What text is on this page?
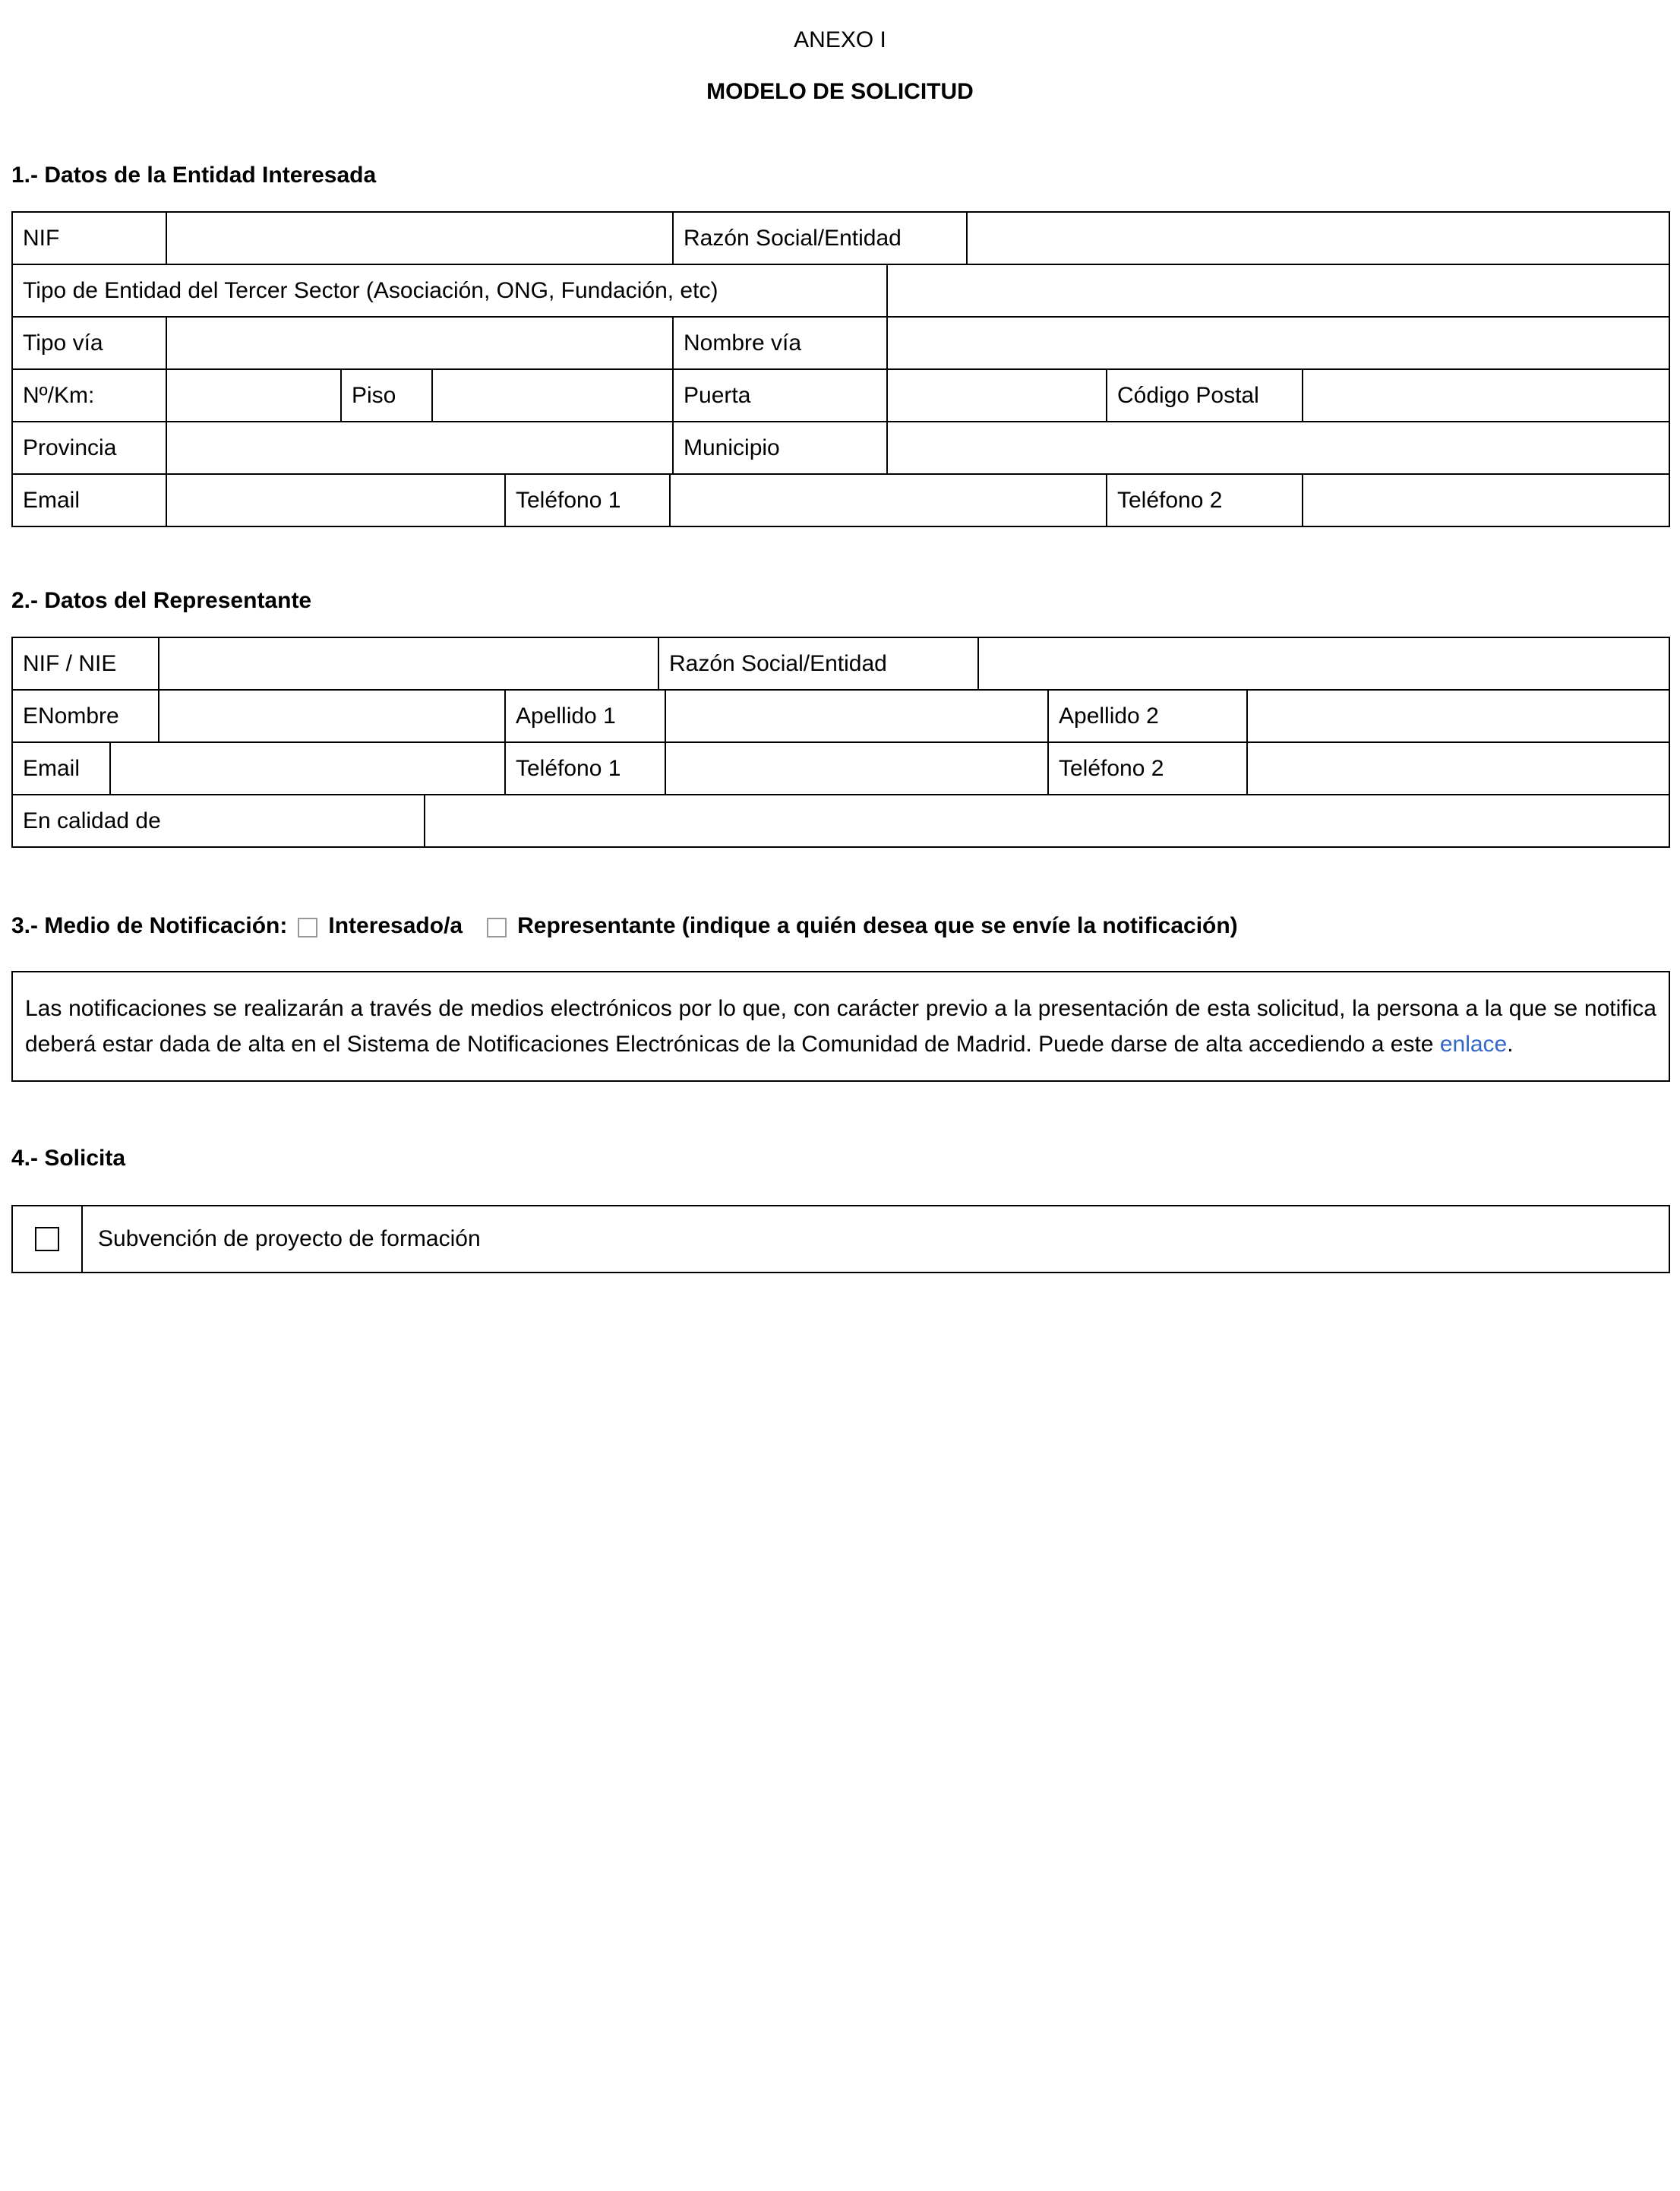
ANEXO I
MODELO DE SOLICITUD
1.- Datos de la Entidad Interesada
NIF	Razón Social/Entidad
Tipo de Entidad del Tercer Sector (Asociación, ONG, Fundación, etc)
Tipo vía	Nombre vía
Nº/Km:	Piso	Puerta	Código Postal
Provincia	Municipio
Email	Teléfono 1	Teléfono 2
2.- Datos del Representante
NIF / NIE	Razón Social/Entidad
ENombre	Apellido 1	Apellido 2
Email	Teléfono 1	Teléfono 2
En calidad de
3.- Medio de Notificación: Interesado/a Representante (indique a quién desea que se envíe la notificación)
Las notificaciones se realizarán a través de medios electrónicos por lo que, con carácter previo a la presentación de esta solicitud, la persona a la que se notifica deberá estar dada de alta en el Sistema de Notificaciones Electrónicas de la Comunidad de Madrid. Puede darse de alta accediendo a este enlace.
4.- Solicita
Subvención de proyecto de formación
